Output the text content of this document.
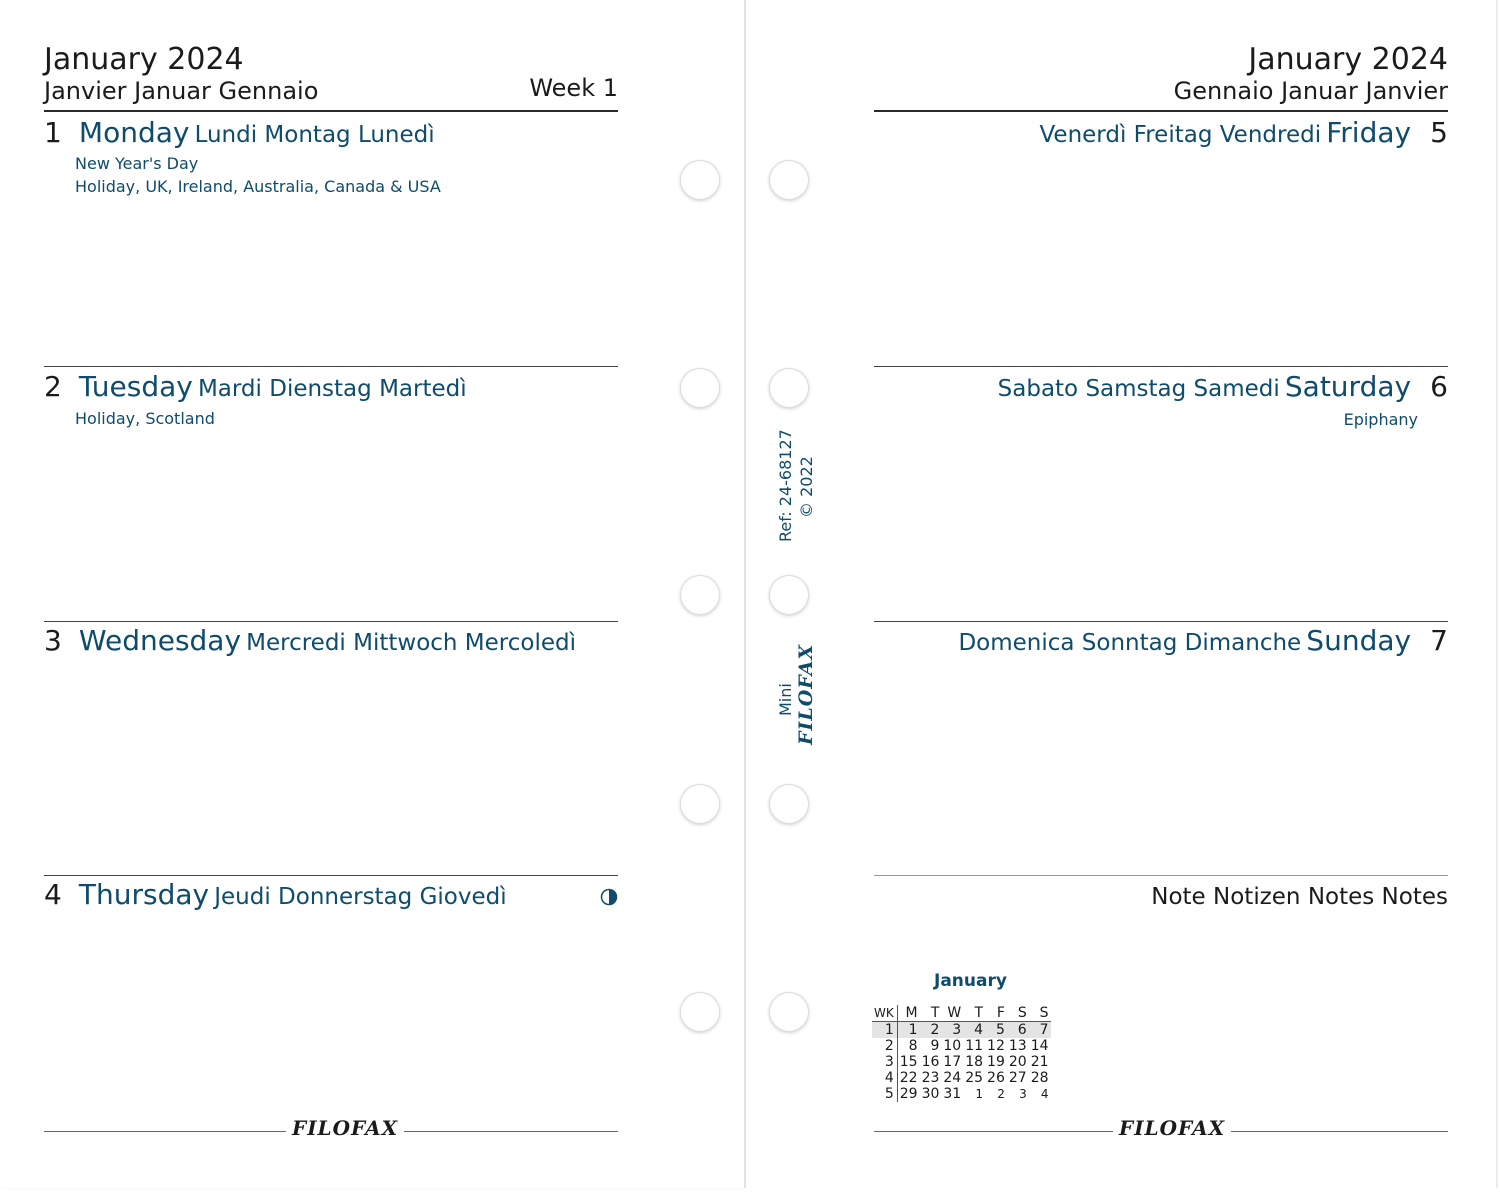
January 2024
Janvier Januar Gennaio	Week 1
1 Monday Lundi Montag Lunedì
New Year's Day
Holiday, UK, Ireland, Australia, Canada & USA
2 Tuesday Mardi Dienstag Martedì
Holiday, Scotland
3 Wednesday Mercredi Mittwoch Mercoledì
4 Thursday Jeudi Donnerstag Giovedì
FILOFAX
Ref: 24-68127 © 2022
Mini FILOFAX
January 2024
Gennaio Januar Janvier
Venerdì Freitag Vendredi Friday 5
Sabato Samstag Samedi Saturday 6
Epiphany
Domenica Sonntag Dimanche Sunday 7
Note Notizen Notes Notes
January
WK	M	T	W	T	F	S	S
1	1	2	3	4	5	6	7
2	8	9	10	11	12	13	14
3	15	16	17	18	19	20	21
4	22	23	24	25	26	27	28
5	29	30	31	1	2	3	4
FILOFAX
